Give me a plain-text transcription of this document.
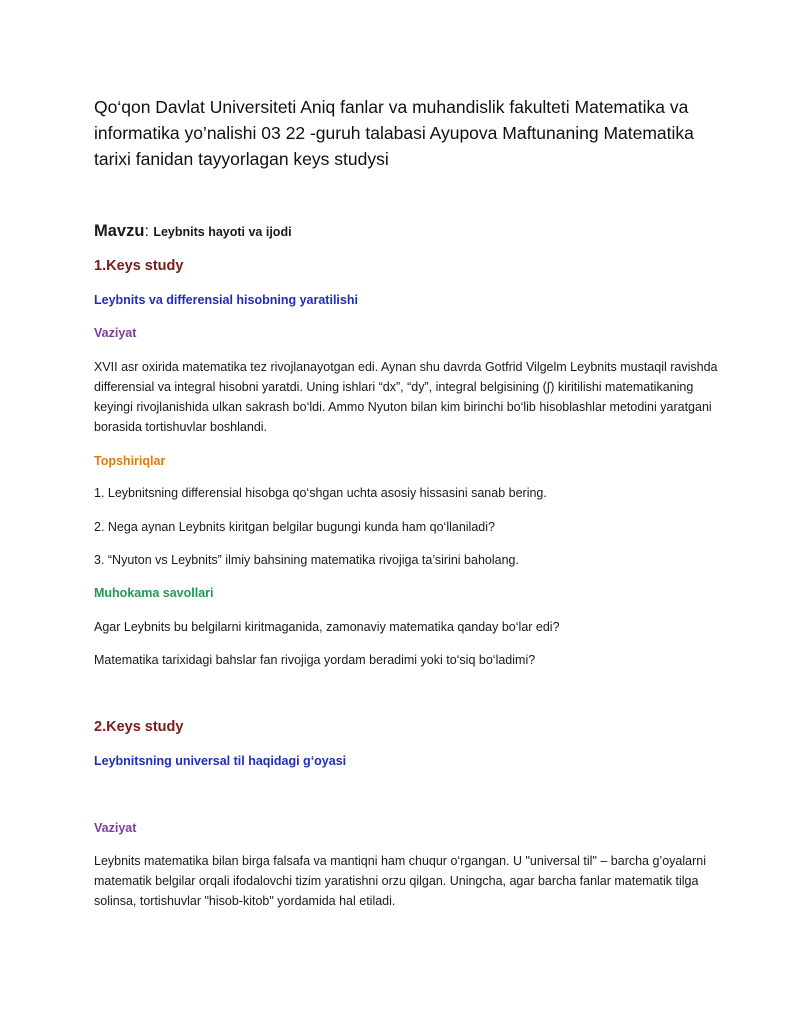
Qo‘qon Davlat Universiteti Aniq fanlar va muhandislik fakulteti Matematika va informatika yo’nalishi 03 22 -guruh talabasi Ayupova Maftunaning Matematika tarixi fanidan tayyorlagan keys studysi

Mavzu: Leybnits hayoti va ijodi

1.Keys study

Leybnits va differensial hisobning yaratilishi

Vaziyat

XVII asr oxirida matematika tez rivojlanayotgan edi. Aynan shu davrda Gotfrid Vilgelm Leybnits mustaqil ravishda differensial va integral hisobni yaratdi. Uning ishlari “dx”, “dy”, integral belgisining (∫) kiritilishi matematikaning keyingi rivojlanishida ulkan sakrash bo‘ldi. Ammo Nyuton bilan kim birinchi bo‘lib hisoblashlar metodini yaratgani borasida tortishuvlar boshlandi.

Topshiriqlar

1. Leybnitsning differensial hisobga qo‘shgan uchta asosiy hissasini sanab bering.

2. Nega aynan Leybnits kiritgan belgilar bugungi kunda ham qo‘llaniladi?

3. “Nyuton vs Leybnits” ilmiy bahsining matematika rivojiga ta’sirini baholang.

Muhokama savollari

Agar Leybnits bu belgilarni kiritmaganida, zamonaviy matematika qanday bo‘lar edi?

Matematika tarixidagi bahslar fan rivojiga yordam beradimi yoki to‘siq bo‘ladimi?

2.Keys study

Leybnitsning universal til haqidagi g‘oyasi

Vaziyat

Leybnits matematika bilan birga falsafa va mantiqni ham chuqur o‘rgangan. U "universal til" – barcha g’oyalarni matematik belgilar orqali ifodalovchi tizim yaratishni orzu qilgan. Uningcha, agar barcha fanlar matematik tilga solinsa, tortishuvlar "hisob-kitob" yordamida hal etiladi.
